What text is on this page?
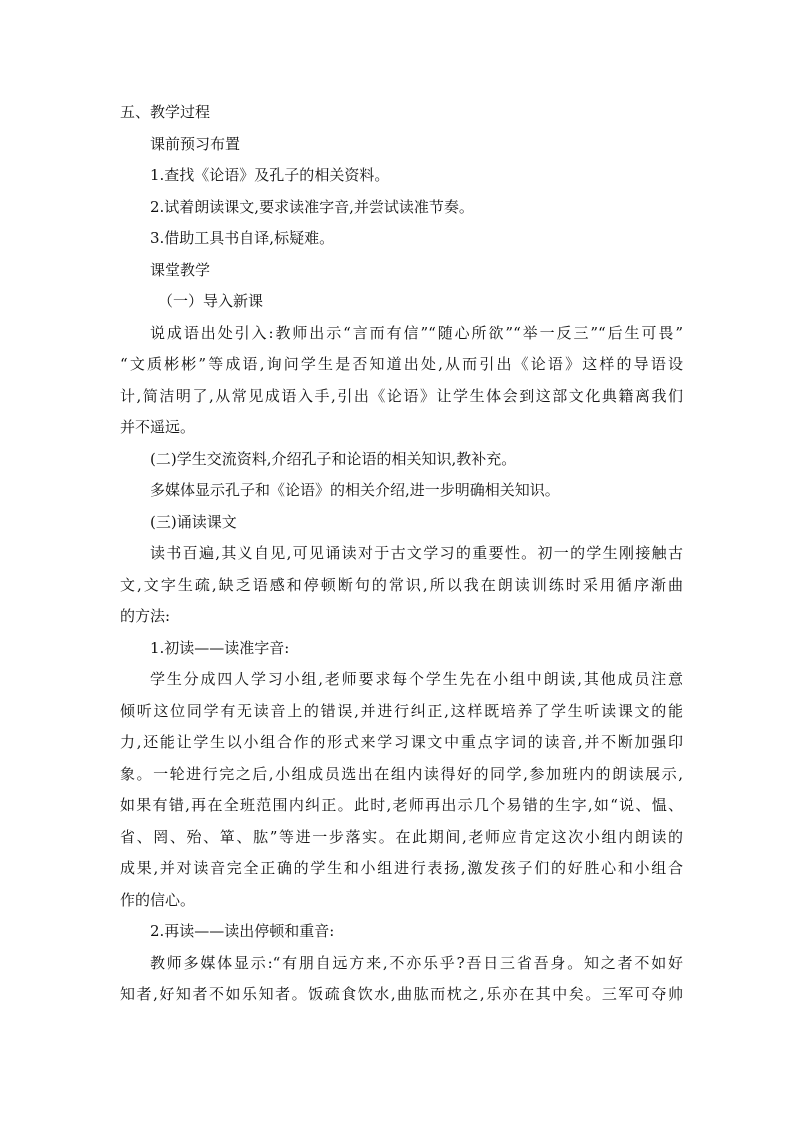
五、教学过程
课前预习布置
1.查找《论语》及孔子的相关资料。
2.试着朗读课文,要求读准字音,并尝试读准节奏。
3.借助工具书自译,标疑难。
课堂教学
（一）导入新课
说成语出处引入:教师出示“言而有信”“随心所欲”“举一反三”“后生可畏”
“文质彬彬”等成语,询问学生是否知道出处,从而引出《论语》这样的导语设
计,简洁明了,从常见成语入手,引出《论语》让学生体会到这部文化典籍离我们
并不遥远。
(二)学生交流资料,介绍孔子和论语的相关知识,教补充。
多媒体显示孔子和《论语》的相关介绍,进一步明确相关知识。
(三)诵读课文
读书百遍,其义自见,可见诵读对于古文学习的重要性。初一的学生刚接触古
文,文字生疏,缺乏语感和停顿断句的常识,所以我在朗读训练时采用循序渐曲
的方法:
1.初读——读准字音:
学生分成四人学习小组,老师要求每个学生先在小组中朗读,其他成员注意
倾听这位同学有无读音上的错误,并进行纠正,这样既培养了学生听读课文的能
力,还能让学生以小组合作的形式来学习课文中重点字词的读音,并不断加强印
象。一轮进行完之后,小组成员选出在组内读得好的同学,参加班内的朗读展示,
如果有错,再在全班范围内纠正。此时,老师再出示几个易错的生字,如“说、愠、
省、罔、殆、箪、肱”等进一步落实。在此期间,老师应肯定这次小组内朗读的
成果,并对读音完全正确的学生和小组进行表扬,激发孩子们的好胜心和小组合
作的信心。
2.再读——读出停顿和重音:
教师多媒体显示:“有朋自远方来,不亦乐乎?吾日三省吾身。知之者不如好
知者,好知者不如乐知者。饭疏食饮水,曲肱而枕之,乐亦在其中矣。三军可夺帅
